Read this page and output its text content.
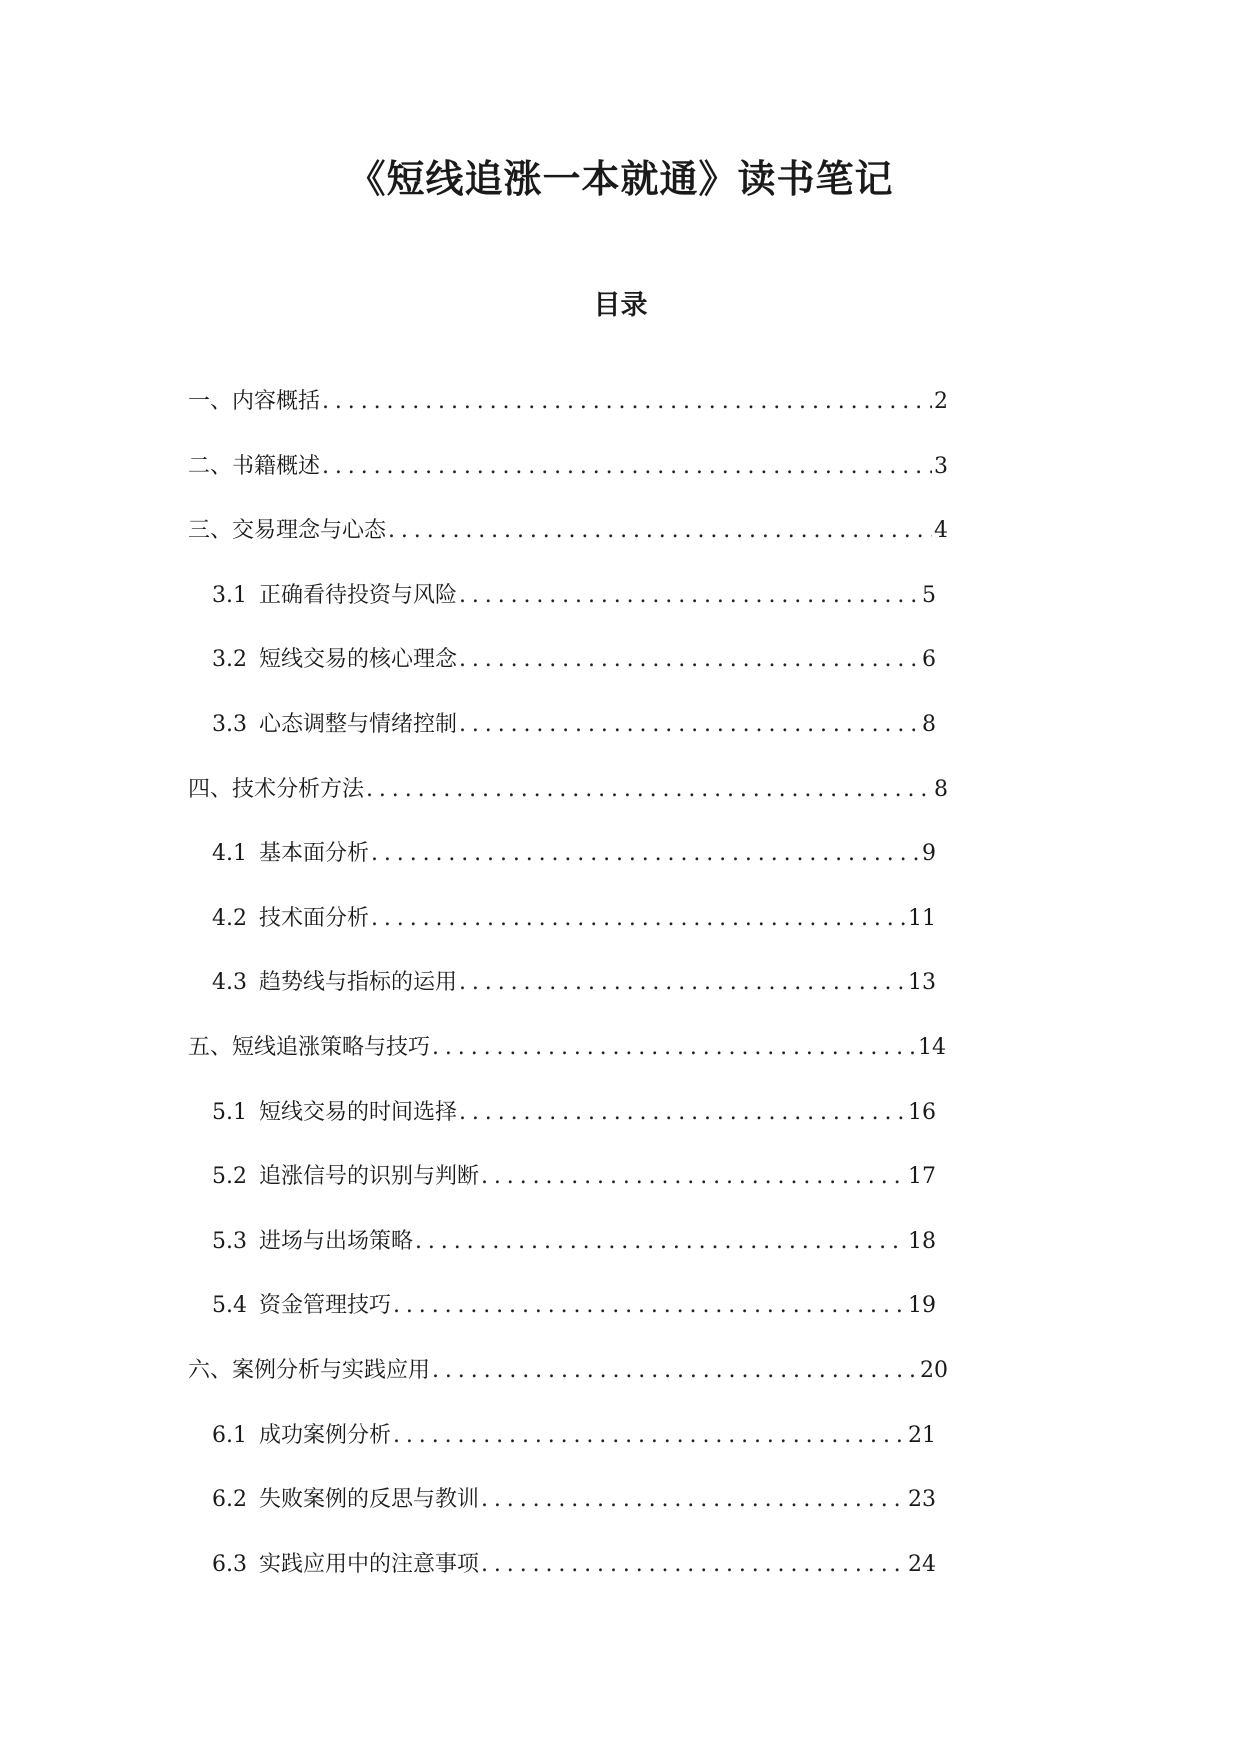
《短线追涨一本就通》读书笔记
目录
一、内容概括 .....	2
二、书籍概述 .....	3
三、交易理念与心态 .....	4
3.1 正确看待投资与风险 .....	5
3.2 短线交易的核心理念 .....	6
3.3 心态调整与情绪控制 .....	8
四、技术分析方法 .....	8
4.1 基本面分析 .....	9
4.2 技术面分析 .....	11
4.3 趋势线与指标的运用 .....	13
五、短线追涨策略与技巧 .....	14
5.1 短线交易的时间选择 .....	16
5.2 追涨信号的识别与判断 .....	17
5.3 进场与出场策略 .....	18
5.4 资金管理技巧 .....	19
六、案例分析与实践应用 .....	20
6.1 成功案例分析 .....	21
6.2 失败案例的反思与教训 .....	23
6.3 实践应用中的注意事项 .....	24
